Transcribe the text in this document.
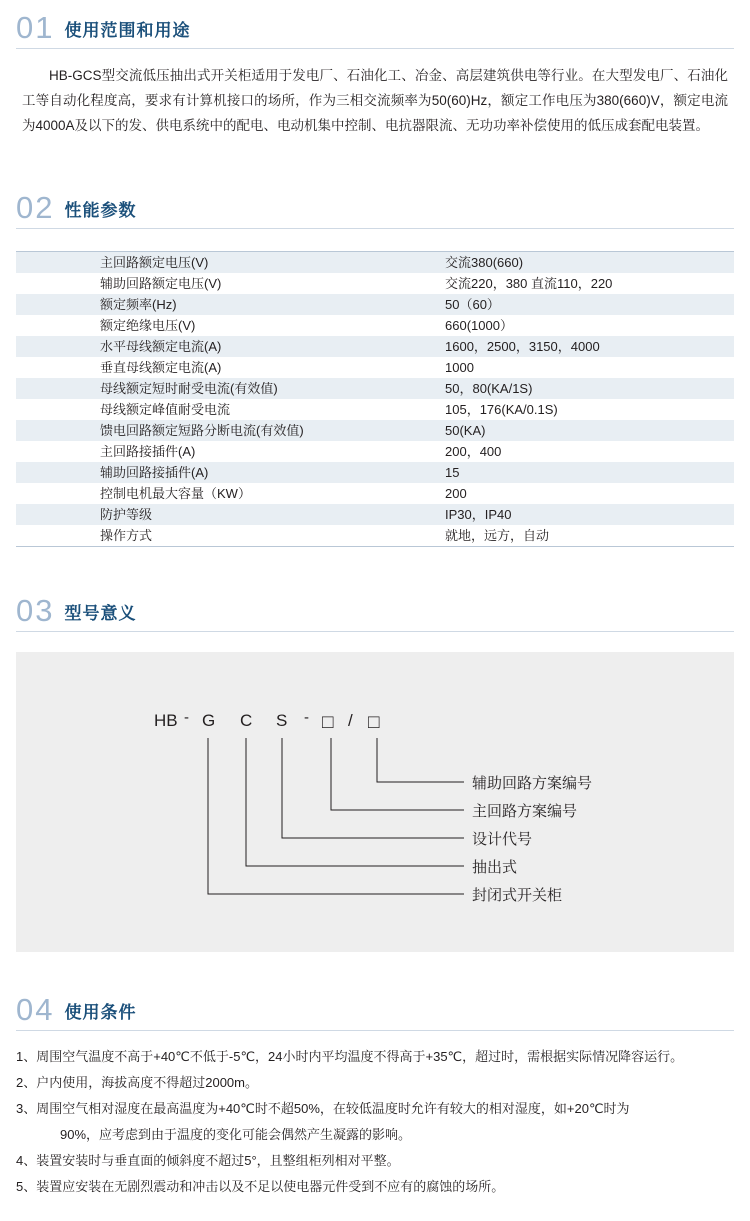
01 使用范围和用途

HB-GCS型交流低压抽出式开关柜适用于发电厂、石油化工、冶金、高层建筑供电等行业。在大型发电厂、石油化工等自动化程度高，要求有计算机接口的场所，作为三相交流频率为50(60)Hz，额定工作电压为380(660)V，额定电流为4000A及以下的发、供电系统中的配电、电动机集中控制、电抗器限流、无功功率补偿使用的低压成套配电装置。

02 性能参数
主回路额定电压(V)		交流380(660)
辅助回路额定电压(V)		交流220，380 直流110，220
额定频率(Hz)		50（60）
额定绝缘电压(V)		660(1000）
水平母线额定电流(A)		1600，2500，3150，4000
垂直母线额定电流(A)		1000
母线额定短时耐受电流(有效值)		50，80(KA/1S)
母线额定峰值耐受电流		105，176(KA/0.1S)
馈电回路额定短路分断电流(有效值)		50(KA)
主回路接插件(A)		200，400
辅助回路接插件(A)		15
控制电机最大容量（KW）		200
防护等级		IP30，IP40
操作方式		就地，远方，自动
03 型号意义
HB - G C S - □ / □
辅助回路方案编号
主回路方案编号
设计代号
抽出式
封闭式开关柜
04 使用条件
1、周围空气温度不高于+40℃不低于-5℃，24小时内平均温度不得高于+35℃，超过时，需根据实际情况降容运行。
2、户内使用，海拔高度不得超过2000m。
3、周围空气相对湿度在最高温度为+40℃时不超50%，在较低温度时允许有较大的相对湿度，如+20℃时为
90%，应考虑到由于温度的变化可能会偶然产生凝露的影响。
4、装置安装时与垂直面的倾斜度不超过5°，且整组柜列相对平整。
5、装置应安装在无剧烈震动和冲击以及不足以使电器元件受到不应有的腐蚀的场所。
